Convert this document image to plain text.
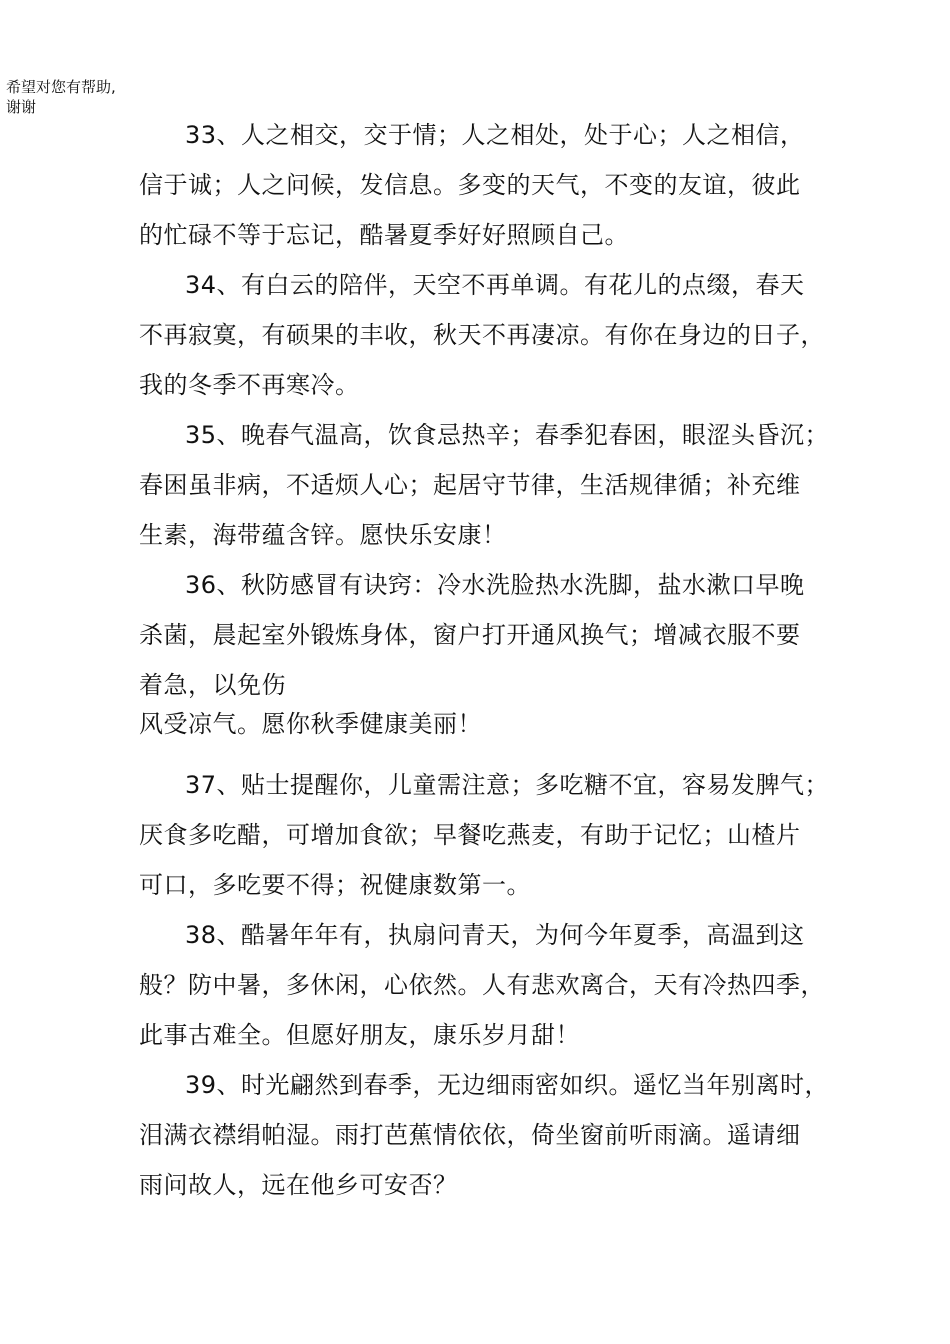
希望对您有帮助,
谢谢
33、人之相交，交于情；人之相处，处于心；人之相信，
信于诚；人之问候，发信息。多变的天气，不变的友谊，彼此
的忙碌不等于忘记，酷暑夏季好好照顾自己。
34、有白云的陪伴，天空不再单调。有花儿的点缀，春天
不再寂寞，有硕果的丰收，秋天不再凄凉。有你在身边的日子，
我的冬季不再寒冷。
35、晚春气温高，饮食忌热辛；春季犯春困，眼涩头昏沉；
春困虽非病，不适烦人心；起居守节律，生活规律循；补充维
生素，海带蕴含锌。愿快乐安康！
36、秋防感冒有诀窍：冷水洗脸热水洗脚，盐水漱口早晚
杀菌，晨起室外锻炼身体，窗户打开通风换气；增减衣服不要
着急，以免伤
风受凉气。愿你秋季健康美丽！
37、贴士提醒你，儿童需注意；多吃糖不宜，容易发脾气；
厌食多吃醋，可增加食欲；早餐吃燕麦，有助于记忆；山楂片
可口，多吃要不得；祝健康数第一。
38、酷暑年年有，执扇问青天，为何今年夏季，高温到这
般？防中暑，多休闲，心依然。人有悲欢离合，天有冷热四季，
此事古难全。但愿好朋友，康乐岁月甜！
39、时光翩然到春季，无边细雨密如织。遥忆当年别离时，
泪满衣襟绢帕湿。雨打芭蕉情依依，倚坐窗前听雨滴。遥请细
雨问故人，远在他乡可安否？
